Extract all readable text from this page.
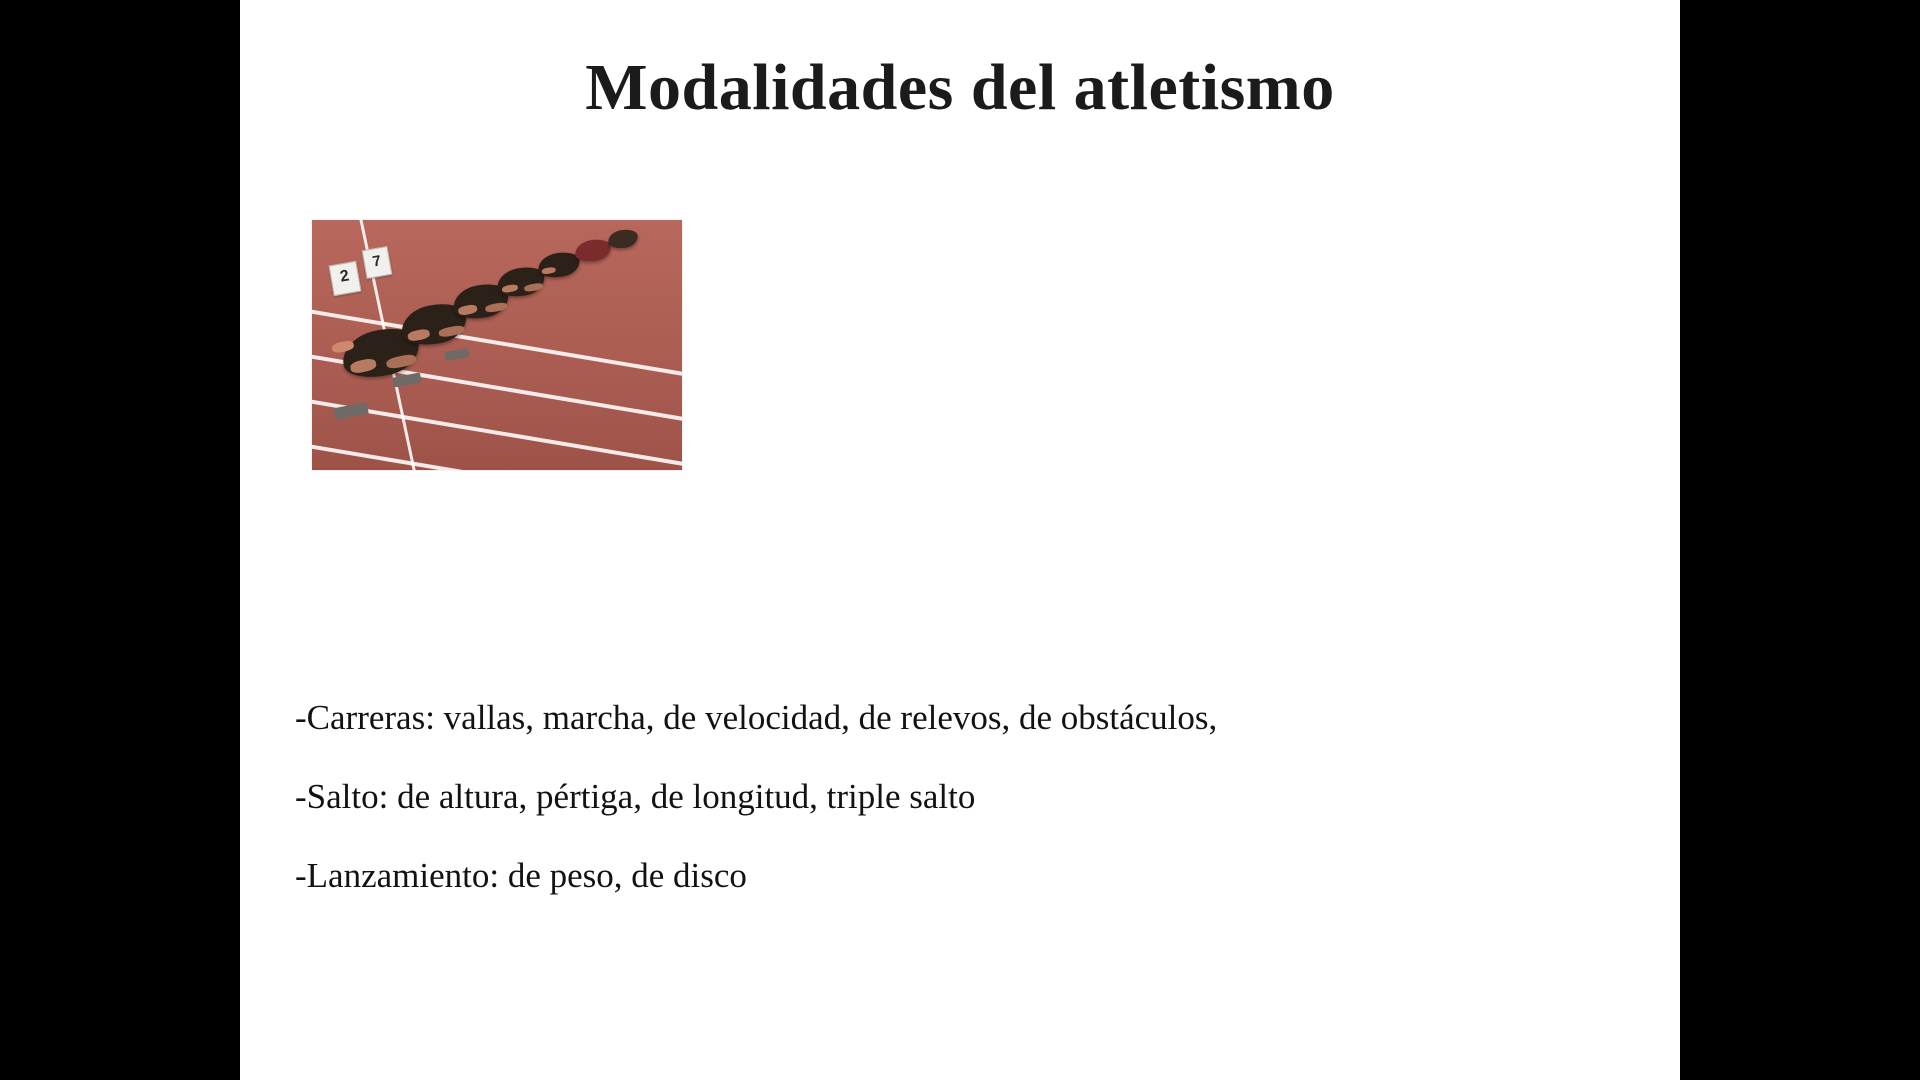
Modalidades del atletismo
2
7
-Carreras: vallas, marcha, de velocidad, de relevos, de obstáculos,
-Salto: de altura, pértiga, de longitud, triple salto
-Lanzamiento: de peso, de disco
